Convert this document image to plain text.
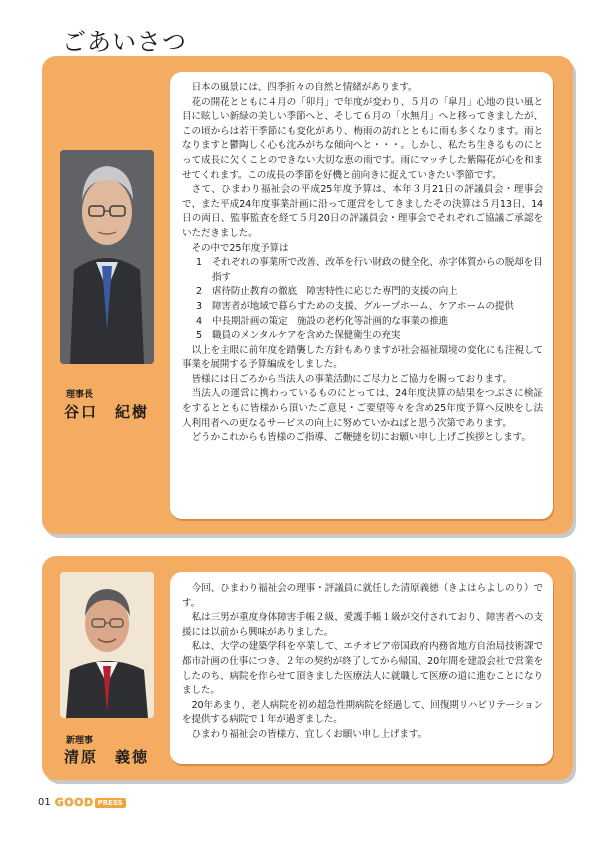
ごあいさつ
理事長
谷口　紀樹

日本の風景には、四季折々の自然と情緒があります。

花の開花とともに４月の「卯月」で年度が変わり、５月の「皐月」心地の良い風と目に眩しい新緑の美しい季節へと、そして６月の「水無月」へと移ってきましたが、この頃からは若干季節にも変化があり、梅雨の訪れとともに雨も多くなります。雨となりますと鬱陶しく心も沈みがちな傾向へと・・・。しかし、私たち生きるものにとって成長に欠くことのできない大切な恵の雨です。雨にマッチした紫陽花が心を和ませてくれます。この成長の季節を好機と前向きに捉えていきたい季節です。

さて、ひまわり福祉会の平成25年度予算は、本年３月21日の評議員会・理事会で、また平成24年度事業計画に沿って運営をしてきましたその決算は５月13日、14日の両日、監事監査を経て５月20日の評議員会・理事会でそれぞれご協議ご承認をいただきました。

その中で25年度予算は

1	それぞれの事業所で改善、改革を行い財政の健全化、赤字体質からの脱却を目指す
2	虐待防止教育の徹底　障害特性に応じた専門的支援の向上
3	障害者が地域で暮らすための支援、グループホーム、ケアホームの提供
4	中長期計画の策定　施設の老朽化等計画的な事業の推進
5	職員のメンタルケアを含めた保健衛生の充実

以上を主眼に前年度を踏襲した方針もありますが社会福祉環境の変化にも注視して事業を展開する予算編成をしました。

皆様には日ごろから当法人の事業活動にご尽力とご協力を賜っております。

当法人の運営に携わっているものにとっては、24年度決算の結果をつぶさに検証をするとともに皆様から頂いたご意見・ご要望等々を含め25年度予算へ反映をし法人利用者への更なるサービスの向上に努めていかねばと思う次第であります。

どうかこれからも皆様のご指導、ご鞭撻を切にお願い申し上げご挨拶とします。

新理事
清原　義徳

今回、ひまわり福祉会の理事・評議員に就任した清原義徳（きよはらよしのり）です。

私は三男が重度身体障害手帳２級、愛護手帳１級が交付されており、障害者への支援には以前から興味がありました。

私は、大学の建築学科を卒業して、エチオピア帝国政府内務省地方自治局技術課で都市計画の仕事につき、２年の契約が終了してから帰国、20年間を建設会社で営業をしたのち、病院を作らせて頂きました医療法人に就職して医療の道に進むことになりました。

20年あまり、老人病院を初め超急性期病院を経過して、回復期リハビリテーションを提供する病院で１年が過ぎました。

ひまわり福祉会の皆様方、宜しくお願い申し上げます。

01 GOOD PRESS
